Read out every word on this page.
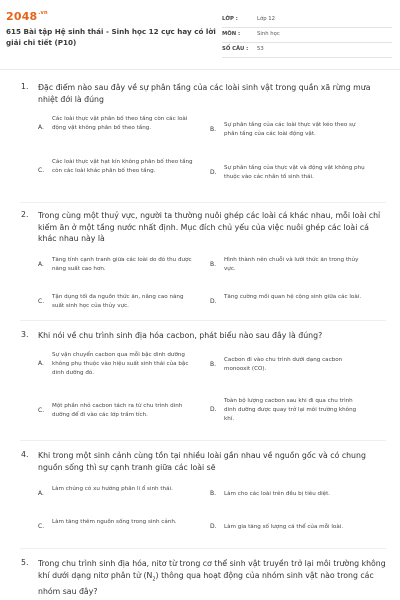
$2048^{.vn}$
615 Bài tập Hệ sinh thái - Sinh học 12 cực hay có lời giải chi tiết (P10)
LỚP :	Lớp 12
MÔN :	Sinh học
SỐ CÂU : 53
1. Đặc điểm nào sau đây về sự phân tầng của các loài sinh vật trong quần xã rừng mưa nhiệt đới là đúng
A.
Các loài thực vật phân bố theo tầng còn các loài động vật không phân bố theo tầng.	B.
Sự phân tầng của các loài thực vật kéo theo sự phân tầng của các loài động vật.
C.
Các loài thực vật hạt kín không phân bố theo tầng còn các loài khác phân bố theo tầng.	D.
Sự phân tầng của thực vật và động vật không phụ thuộc vào các nhân tố sinh thái.
2. Trong cùng một thuỷ vực, người ta thường nuôi ghép các loài cá khác nhau, mỗi loài chỉ kiếm ăn ở một tầng nước nhất định. Mục đích chủ yếu của việc nuôi ghép các loài cá khác nhau này là
A.
Tăng tính cạnh tranh giữa các loài do đó thu được năng suất cao hơn.
B.
Hình thành nên chuỗi và lưới thức ăn trong thủy vực.
C.
Tận dụng tối đa nguồn thức ăn, nâng cao năng suất sinh học của thủy vực.
D.
Tăng cường mối quan hệ cộng sinh giữa các loài.
3. Khi nói về chu trình sinh địa hóa cacbon, phát biểu nào sau đây là đúng?
A.
Sự vận chuyển cacbon qua mỗi bậc dinh dưỡng không phụ thuộc vào hiệu suất sinh thái của bậc dinh dưỡng đó.
B.
Cacbon đi vào chu trình dưới dạng cacbon monooxit (CO).
C.
Một phần nhỏ cacbon tách ra từ chu trình dinh dưỡng để đi vào các lớp trầm tích.
D.
Toàn bộ lượng cacbon sau khi đi qua chu trình dinh dưỡng được quay trở lại môi trường không khí.
4. Khi trong một sinh cảnh cùng tồn tại nhiều loài gần nhau về nguồn gốc và có chung nguồn sống thì sự cạnh tranh giữa các loài sẽ
A.
Làm chúng có xu hướng phân li ổ sinh thái.
B. Làm cho các loài trên đều bị tiêu diệt.
C.
Làm tăng thêm nguồn sống trong sinh cảnh.
D. Làm gia tăng số lượng cá thể của mỗi loài.
5. Trong chu trình sinh địa hóa, nitơ từ trong cơ thể sinh vật truyền trở lại môi trường không khí dưới dạng nitơ phân tử $(N_2)$ thông qua hoạt động của nhóm sinh vật nào trong các nhóm sau đây?
